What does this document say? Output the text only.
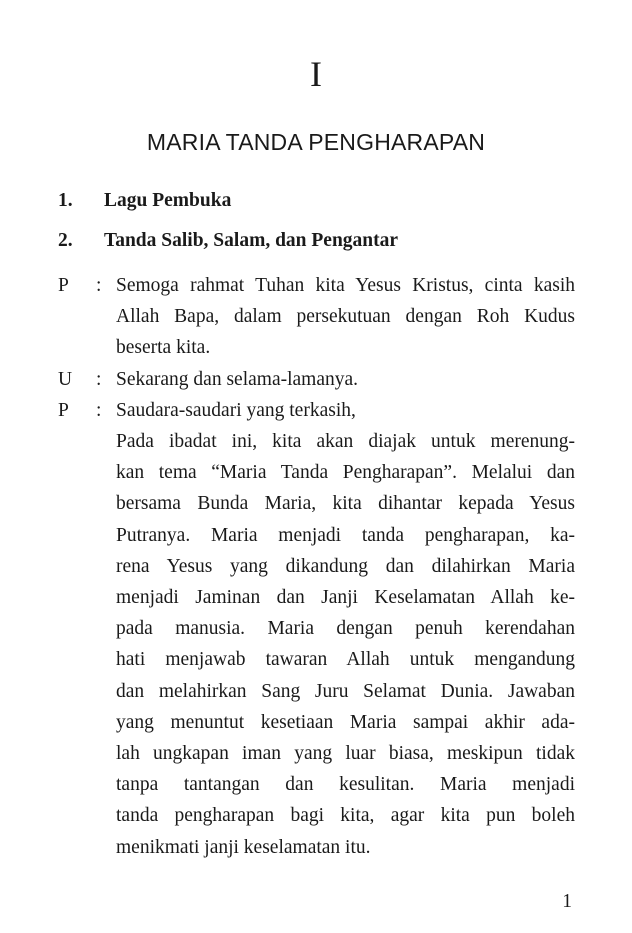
I
MARIA TANDA PENGHARAPAN
1.	Lagu Pembuka
2.	Tanda Salib, Salam, dan Pengantar
P	: Semoga rahmat Tuhan kita Yesus Kristus, cinta kasih
Allah Bapa, dalam persekutuan dengan Roh Kudus
beserta kita.
U	: Sekarang dan selama-lamanya.
P	: Saudara-saudari yang terkasih,
Pada ibadat ini, kita akan diajak untuk merenung-
kan tema “Maria Tanda Pengharapan”. Melalui dan
bersama Bunda Maria, kita dihantar kepada Yesus
Putranya. Maria menjadi tanda pengharapan, ka-
rena Yesus yang dikandung dan dilahirkan Maria
menjadi Jaminan dan Janji Keselamatan Allah ke-
pada manusia. Maria dengan penuh kerendahan
hati menjawab tawaran Allah untuk mengandung
dan melahirkan Sang Juru Selamat Dunia. Jawaban
yang menuntut kesetiaan Maria sampai akhir ada-
lah ungkapan iman yang luar biasa, meskipun tidak
tanpa tantangan dan kesulitan. Maria menjadi
tanda pengharapan bagi kita, agar kita pun boleh
menikmati janji keselamatan itu.
1
